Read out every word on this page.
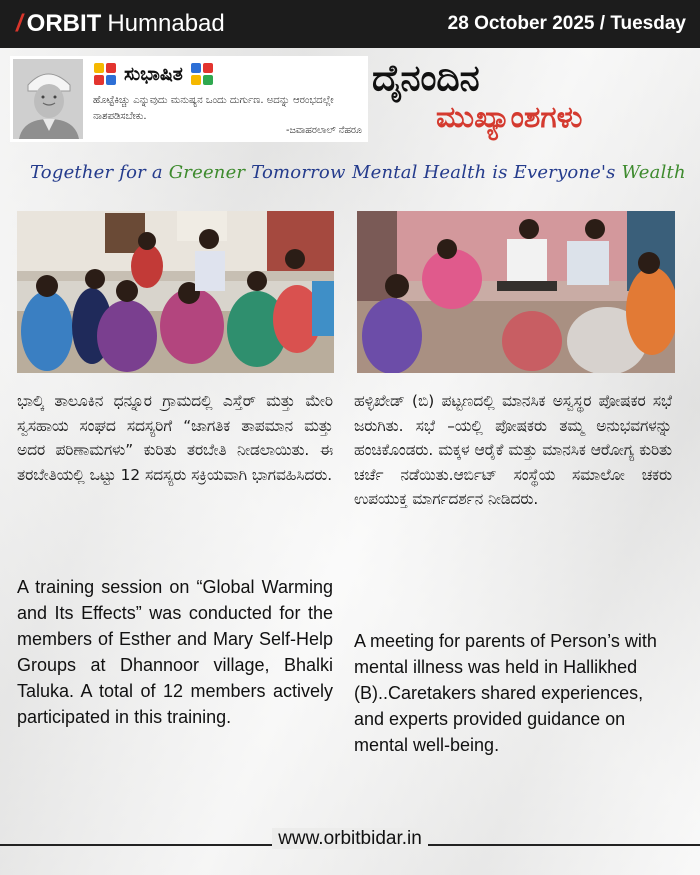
/ ORBIT Humnabad	28 October 2025 / Tuesday
ಸುಭಾಷಿತ
ಹೊಟ್ಟೆಕಿಚ್ಚು ಎನ್ನುವುದು ಮನುಷ್ಯನ ಒಂದು ದುರ್ಗುಣ. ಅದನ್ನು ಆರಂಭದಲ್ಲೇ ನಾಶಪಡಿಸಬೇಕು.
-ಜವಾಹರಲಾಲ್ ನೆಹರೂ
ದೈನಂದಿನ
ಮುಖ್ಯಾಂಶಗಳು
Together for a Greener Tomorrow Mental Health is Everyone's Wealth
ಭಾಲ್ಕಿ ತಾಲೂಕಿನ ಧನ್ನೂರ ಗ್ರಾಮದಲ್ಲಿ ಎಸ್ತೆರ್ ಮತ್ತು ಮೇರಿ ಸ್ವಸಹಾಯ ಸಂಘದ ಸದಸ್ಯರಿಗೆ “ಜಾಗತಿಕ ತಾಪಮಾನ ಮತ್ತು ಅದರ ಪರಿಣಾಮಗಳು” ಕುರಿತು ತರಬೇತಿ ನೀಡಲಾಯಿತು. ಈ ತರಬೇತಿಯಲ್ಲಿ ಒಟ್ಟು 12 ಸದಸ್ಯರು ಸಕ್ರಿಯವಾಗಿ ಭಾಗವಹಿಸಿದರು.
ಹಳ್ಳಿಖೇಡ್ (ಬಿ) ಪಟ್ಟಣದಲ್ಲಿ ಮಾನಸಿಕ ಅಸ್ವಸ್ಥರ ಪೋಷಕರ ಸಭೆ ಜರುಗಿತು. ಸಭೆ –ಯಲ್ಲಿ ಪೋಷಕರು ತಮ್ಮ ಅನುಭವಗಳನ್ನು ಹಂಚಿಕೊಂಡರು. ಮಕ್ಕಳ ಆರೈಕೆ ಮತ್ತು ಮಾನಸಿಕ ಆರೋಗ್ಯ ಕುರಿತು ಚರ್ಚೆ ನಡೆಯಿತು.ಆರ್ಬಿಟ್ ಸಂಸ್ಥೆಯ ಸಮಾಲೋ ಚಕರು ಉಪಯುಕ್ತ ಮಾರ್ಗದರ್ಶನ ನೀಡಿದರು.
A training session on “Global Warming and Its Effects” was conducted for the members of Esther and Mary Self-Help Groups at Dhannoor village, Bhalki Taluka. A total of 12 members actively participated in this training.
A meeting for parents of Person’s with mental illness was held in Hallikhed (B)..Caretakers shared experiences, and experts provided guidance on mental well-being.
www.orbitbidar.in
